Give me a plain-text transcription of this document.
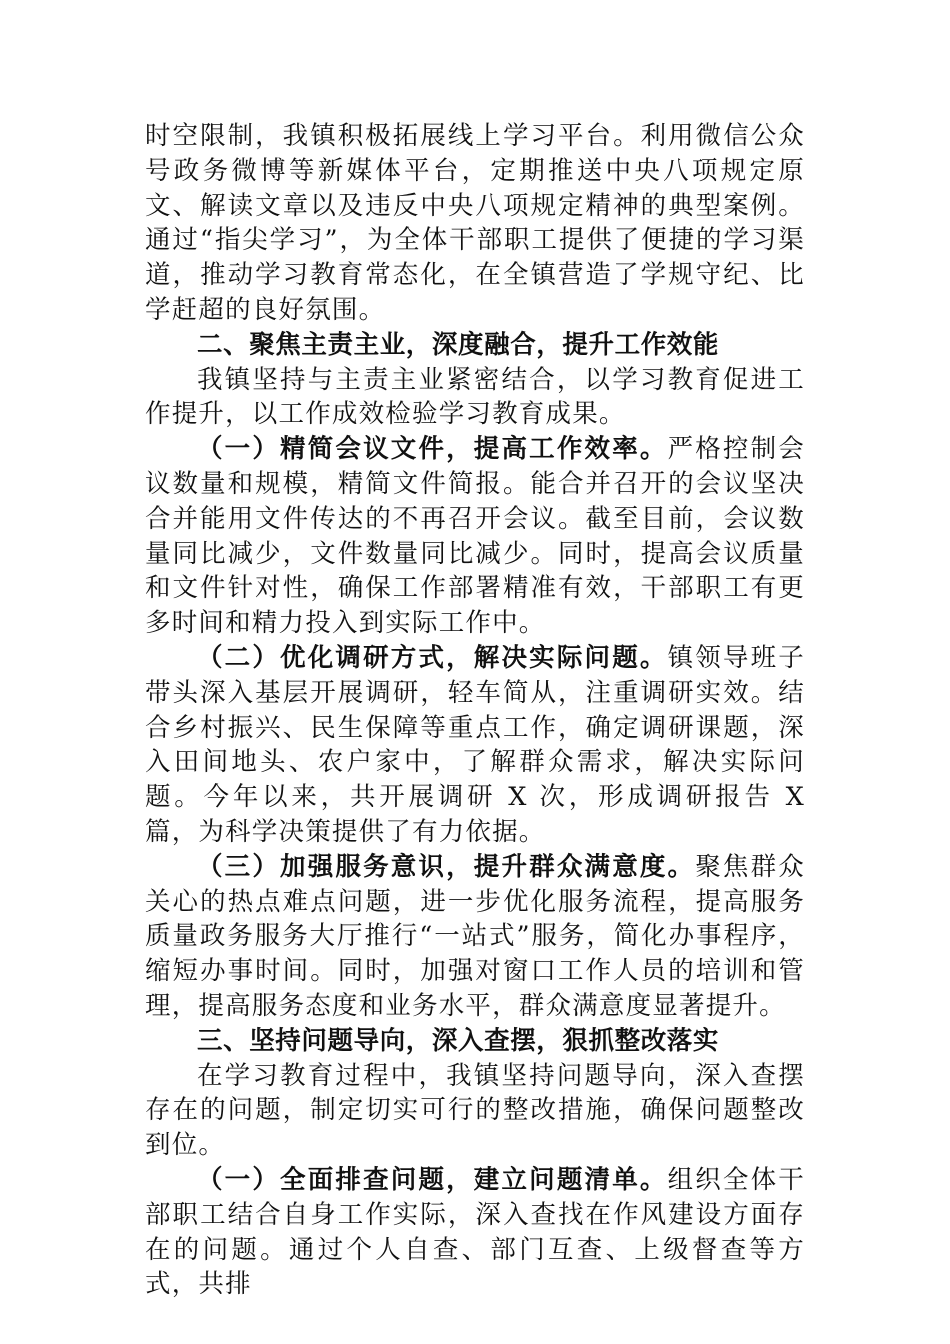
时空限制，我镇积极拓展线上学习平台。利用微信公众号政务微博等新媒体平台，定期推送中央八项规定原文、解读文章以及违反中央八项规定精神的典型案例。通过“指尖学习”，为全体干部职工提供了便捷的学习渠道，推动学习教育常态化，在全镇营造了学规守纪、比学赶超的良好氛围。

二、聚焦主责主业，深度融合，提升工作效能

我镇坚持与主责主业紧密结合，以学习教育促进工作提升，以工作成效检验学习教育成果。

（一）精简会议文件，提高工作效率。严格控制会议数量和规模，精简文件简报。能合并召开的会议坚决合并能用文件传达的不再召开会议。截至目前，会议数量同比减少，文件数量同比减少。同时，提高会议质量和文件针对性，确保工作部署精准有效，干部职工有更多时间和精力投入到实际工作中。

（二）优化调研方式，解决实际问题。镇领导班子带头深入基层开展调研，轻车简从，注重调研实效。结合乡村振兴、民生保障等重点工作，确定调研课题，深入田间地头、农户家中，了解群众需求，解决实际问题。今年以来，共开展调研 X 次，形成调研报告 X 篇，为科学决策提供了有力依据。

（三）加强服务意识，提升群众满意度。聚焦群众关心的热点难点问题，进一步优化服务流程，提高服务质量政务服务大厅推行“一站式”服务，简化办事程序，缩短办事时间。同时，加强对窗口工作人员的培训和管理，提高服务态度和业务水平，群众满意度显著提升。

三、坚持问题导向，深入查摆，狠抓整改落实

在学习教育过程中，我镇坚持问题导向，深入查摆存在的问题，制定切实可行的整改措施，确保问题整改到位。

（一）全面排查问题，建立问题清单。组织全体干部职工结合自身工作实际，深入查找在作风建设方面存在的问题。通过个人自查、部门互查、上级督查等方式，共排
